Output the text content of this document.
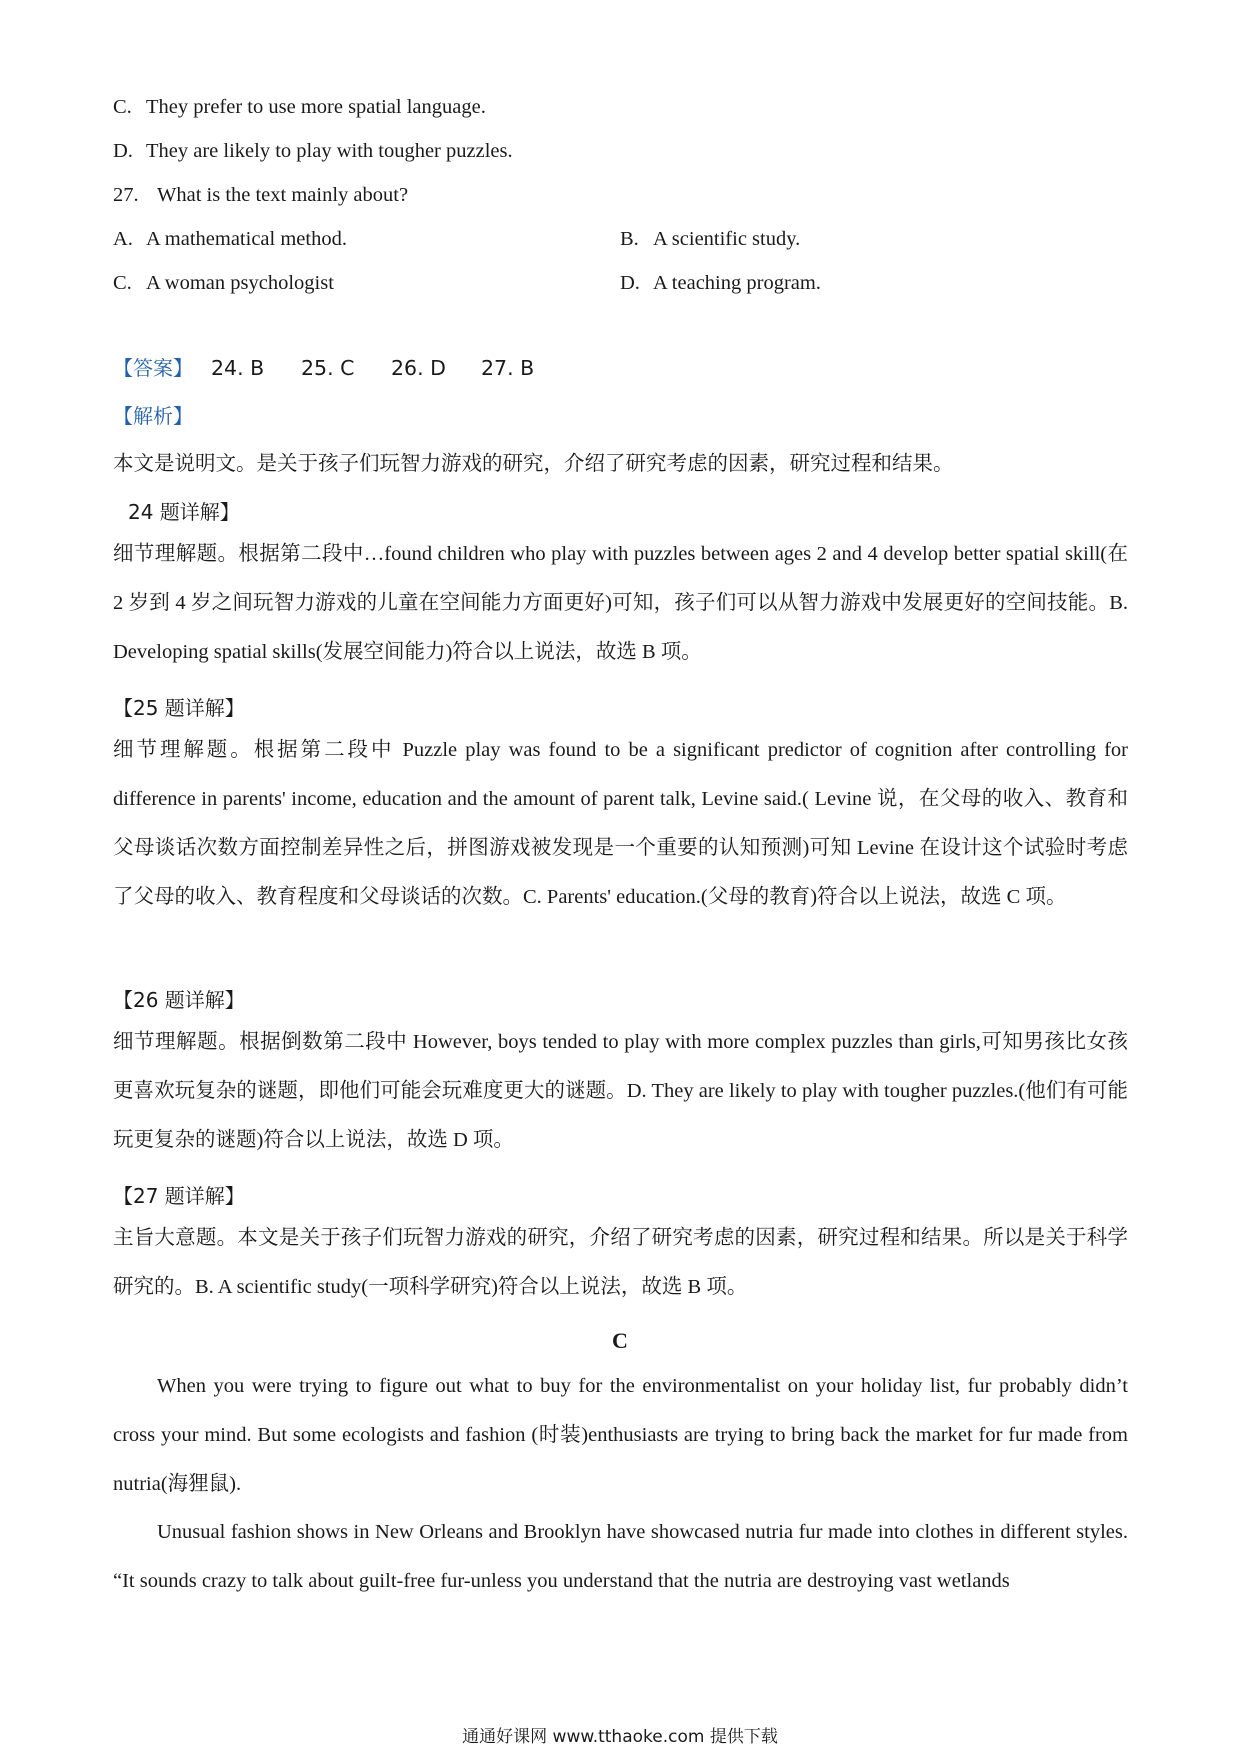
C. They prefer to use more spatial language.
D. They are likely to play with tougher puzzles.
27. What is the text mainly about?
A. A mathematical method.	B. A scientific study.
C. A woman psychologist	D. A teaching program.
【答案】 24. B 25. C 26. D 27. B
【解析】
本文是说明文。是关于孩子们玩智力游戏的研究，介绍了研究考虑的因素，研究过程和结果。
24 题详解】
细节理解题。根据第二段中…found children who play with puzzles between ages 2 and 4 develop better spatial skill(在 2 岁到 4 岁之间玩智力游戏的儿童在空间能力方面更好)可知，孩子们可以从智力游戏中发展更好的空间技能。B. Developing spatial skills(发展空间能力)符合以上说法，故选 B 项。
【25 题详解】
细节理解题。根据第二段中 Puzzle play was found to be a significant predictor of cognition after controlling for difference in parents' income, education and the amount of parent talk, Levine said.( Levine 说，在父母的收入、教育和父母谈话次数方面控制差异性之后，拼图游戏被发现是一个重要的认知预测)可知 Levine 在设计这个试验时考虑了父母的收入、教育程度和父母谈话的次数。C. Parents' education.(父母的教育)符合以上说法，故选 C 项。
【26 题详解】
细节理解题。根据倒数第二段中 However, boys tended to play with more complex puzzles than girls,可知男孩比女孩更喜欢玩复杂的谜题，即他们可能会玩难度更大的谜题。D. They are likely to play with tougher puzzles.(他们有可能玩更复杂的谜题)符合以上说法，故选 D 项。
【27 题详解】
主旨大意题。本文是关于孩子们玩智力游戏的研究，介绍了研究考虑的因素，研究过程和结果。所以是关于科学研究的。B. A scientific study(一项科学研究)符合以上说法，故选 B 项。
C
When you were trying to figure out what to buy for the environmentalist on your holiday list, fur probably didn’t cross your mind. But some ecologists and fashion (时装)enthusiasts are trying to bring back the market for fur made from nutria(海狸鼠).
Unusual fashion shows in New Orleans and Brooklyn have showcased nutria fur made into clothes in different styles. “It sounds crazy to talk about guilt-free fur-unless you understand that the nutria are destroying vast wetlands
通通好课网 www.tthaoke.com 提供下载
